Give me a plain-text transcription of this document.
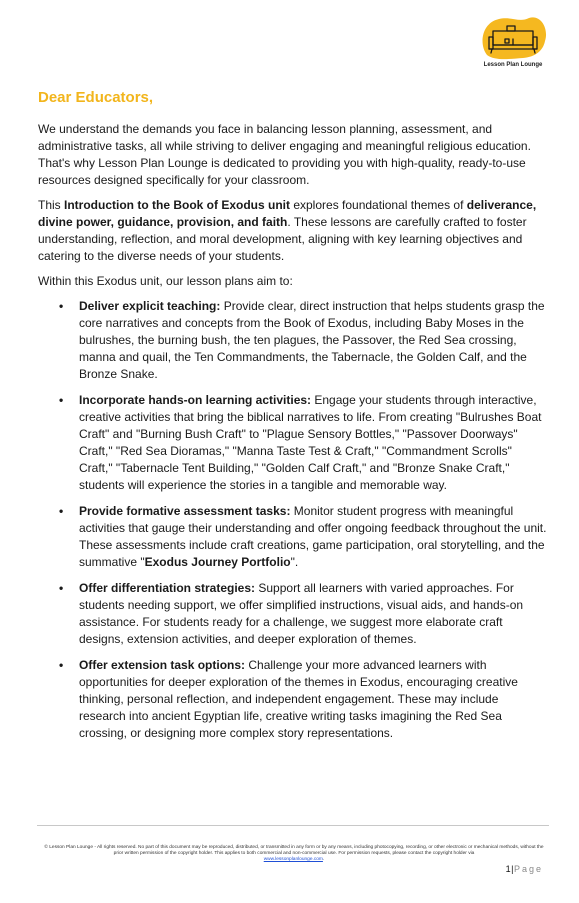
Lesson Plan Lounge
Dear Educators,

We understand the demands you face in balancing lesson planning, assessment, and administrative tasks, all while striving to deliver engaging and meaningful religious education. That's why Lesson Plan Lounge is dedicated to providing you with high-quality, ready-to-use resources designed specifically for your classroom.

This Introduction to the Book of Exodus unit explores foundational themes of deliverance, divine power, guidance, provision, and faith. These lessons are carefully crafted to foster understanding, reflection, and moral development, aligning with key learning objectives and catering to the diverse needs of your students.

Within this Exodus unit, our lesson plans aim to:

• Deliver explicit teaching: Provide clear, direct instruction that helps students grasp the core narratives and concepts from the Book of Exodus, including Baby Moses in the bulrushes, the burning bush, the ten plagues, the Passover, the Red Sea crossing, manna and quail, the Ten Commandments, the Tabernacle, the Golden Calf, and the Bronze Snake.
• Incorporate hands-on learning activities: Engage your students through interactive, creative activities that bring the biblical narratives to life. From creating "Bulrushes Boat Craft" and "Burning Bush Craft" to "Plague Sensory Bottles," "Passover Doorways" Craft," "Red Sea Dioramas," "Manna Taste Test & Craft," "Commandment Scrolls" Craft," "Tabernacle Tent Building," "Golden Calf Craft," and "Bronze Snake Craft," students will experience the stories in a tangible and memorable way.
• Provide formative assessment tasks: Monitor student progress with meaningful activities that gauge their understanding and offer ongoing feedback throughout the unit. These assessments include craft creations, game participation, oral storytelling, and the summative "Exodus Journey Portfolio".
• Offer differentiation strategies: Support all learners with varied approaches. For students needing support, we offer simplified instructions, visual aids, and hands-on assistance. For students ready for a challenge, we suggest more elaborate craft designs, extension activities, and deeper exploration of themes.
• Offer extension task options: Challenge your more advanced learners with opportunities for deeper exploration of the themes in Exodus, encouraging creative thinking, personal reflection, and independent engagement. These may include research into ancient Egyptian life, creative writing tasks imagining the Red Sea crossing, or designing more complex story representations.
© Lesson Plan Lounge - All rights reserved. No part of this document may be reproduced, distributed, or transmitted in any form or by any means, including photocopying, recording, or other electronic or mechanical methods, without the prior written permission of the copyright holder. This applies to both commercial and non-commercial use. For permission requests, please contact the copyright holder via
www.lessonplanlounge.com.
1|Page
